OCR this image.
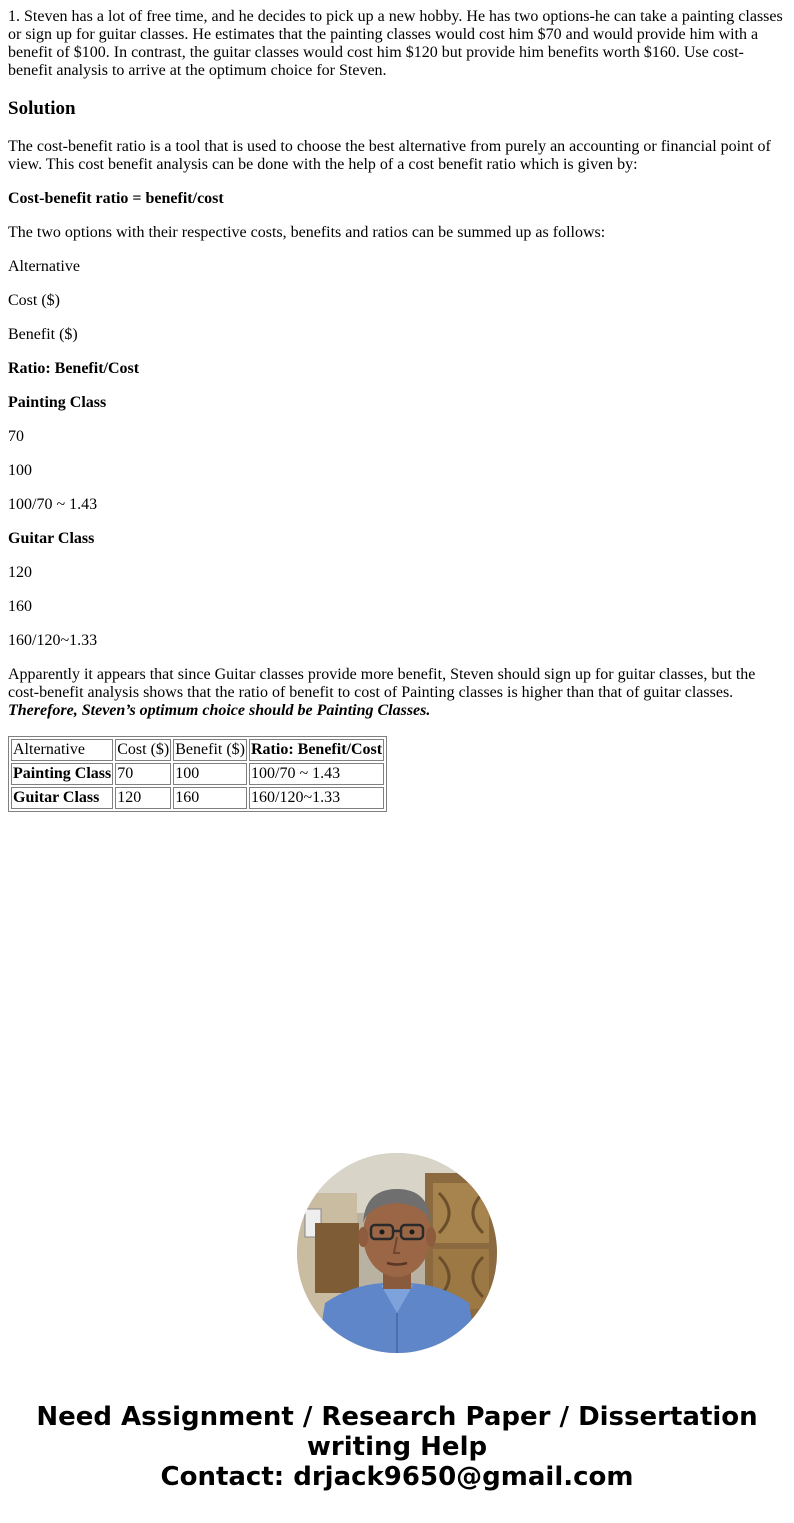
1. Steven has a lot of free time, and he decides to pick up a new hobby. He has two options-he can take a painting classes or sign up for guitar classes. He estimates that the painting classes would cost him $70 and would provide him with a benefit of $100. In contrast, the guitar classes would cost him $120 but provide him benefits worth $160. Use cost-benefit analysis to arrive at the optimum choice for Steven.

Solution

The cost-benefit ratio is a tool that is used to choose the best alternative from purely an accounting or financial point of view. This cost benefit analysis can be done with the help of a cost benefit ratio which is given by:

Cost-benefit ratio = benefit/cost

The two options with their respective costs, benefits and ratios can be summed up as follows:

Alternative

Cost ($)

Benefit ($)

Ratio: Benefit/Cost

Painting Class

70

100

100/70 ~ 1.43

Guitar Class

120

160

160/120~1.33

Apparently it appears that since Guitar classes provide more benefit, Steven should sign up for guitar classes, but the cost-benefit analysis shows that the ratio of benefit to cost of Painting classes is higher than that of guitar classes. Therefore, Steven’s optimum choice should be Painting Classes.

Alternative	Cost ($)	Benefit ($)	Ratio: Benefit/Cost
Painting Class	70	100	100/70 ~ 1.43
Guitar Class	120	160	160/120~1.33
Need Assignment / Research Paper / Dissertation
writing Help
Contact: drjack9650@gmail.com
